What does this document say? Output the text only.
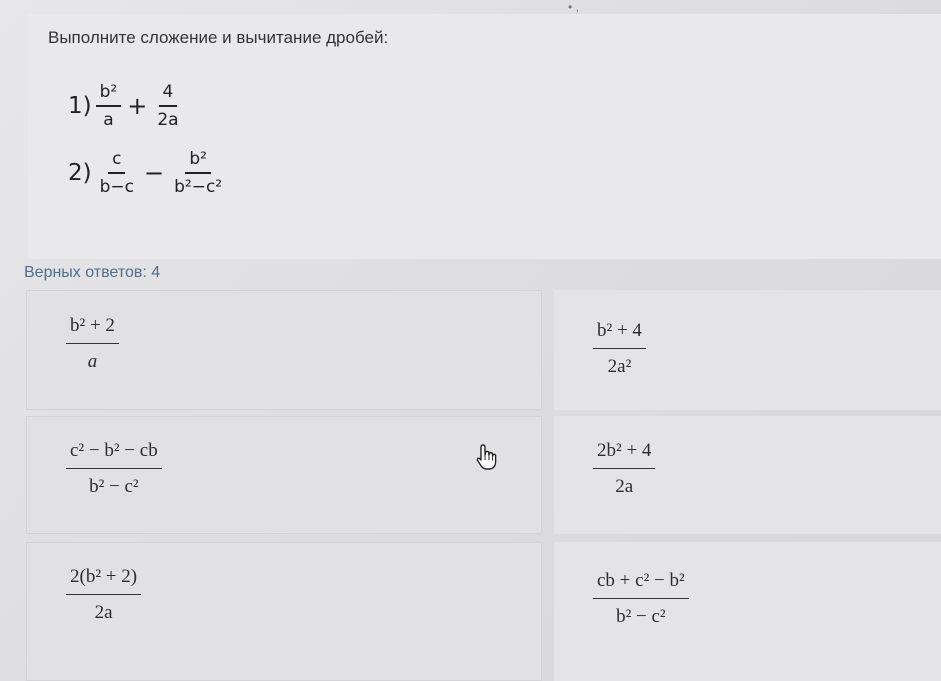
Выполните сложение и вычитание дробей:
$1) \frac{\text{b²}}{a} + \frac{4}{2a}$
$2) \frac{c}{b-c} - \frac{\text{b²}}{\text{b²−c²}}$
• ,
Верных ответов: 4
$\frac{\text{b² + 2}}{a}$	$\frac{\text{b² + 4}}{\text{2a²}}$
$\frac{\text{c² − b² − cb}}{\text{b² − c²}}$	$\frac{\text{2b² + 4}}{2a}$
$\frac{\text{2(b² + 2)}}{2a}$	$\frac{\text{cb + c² − b²}}{\text{b² − c²}}$
